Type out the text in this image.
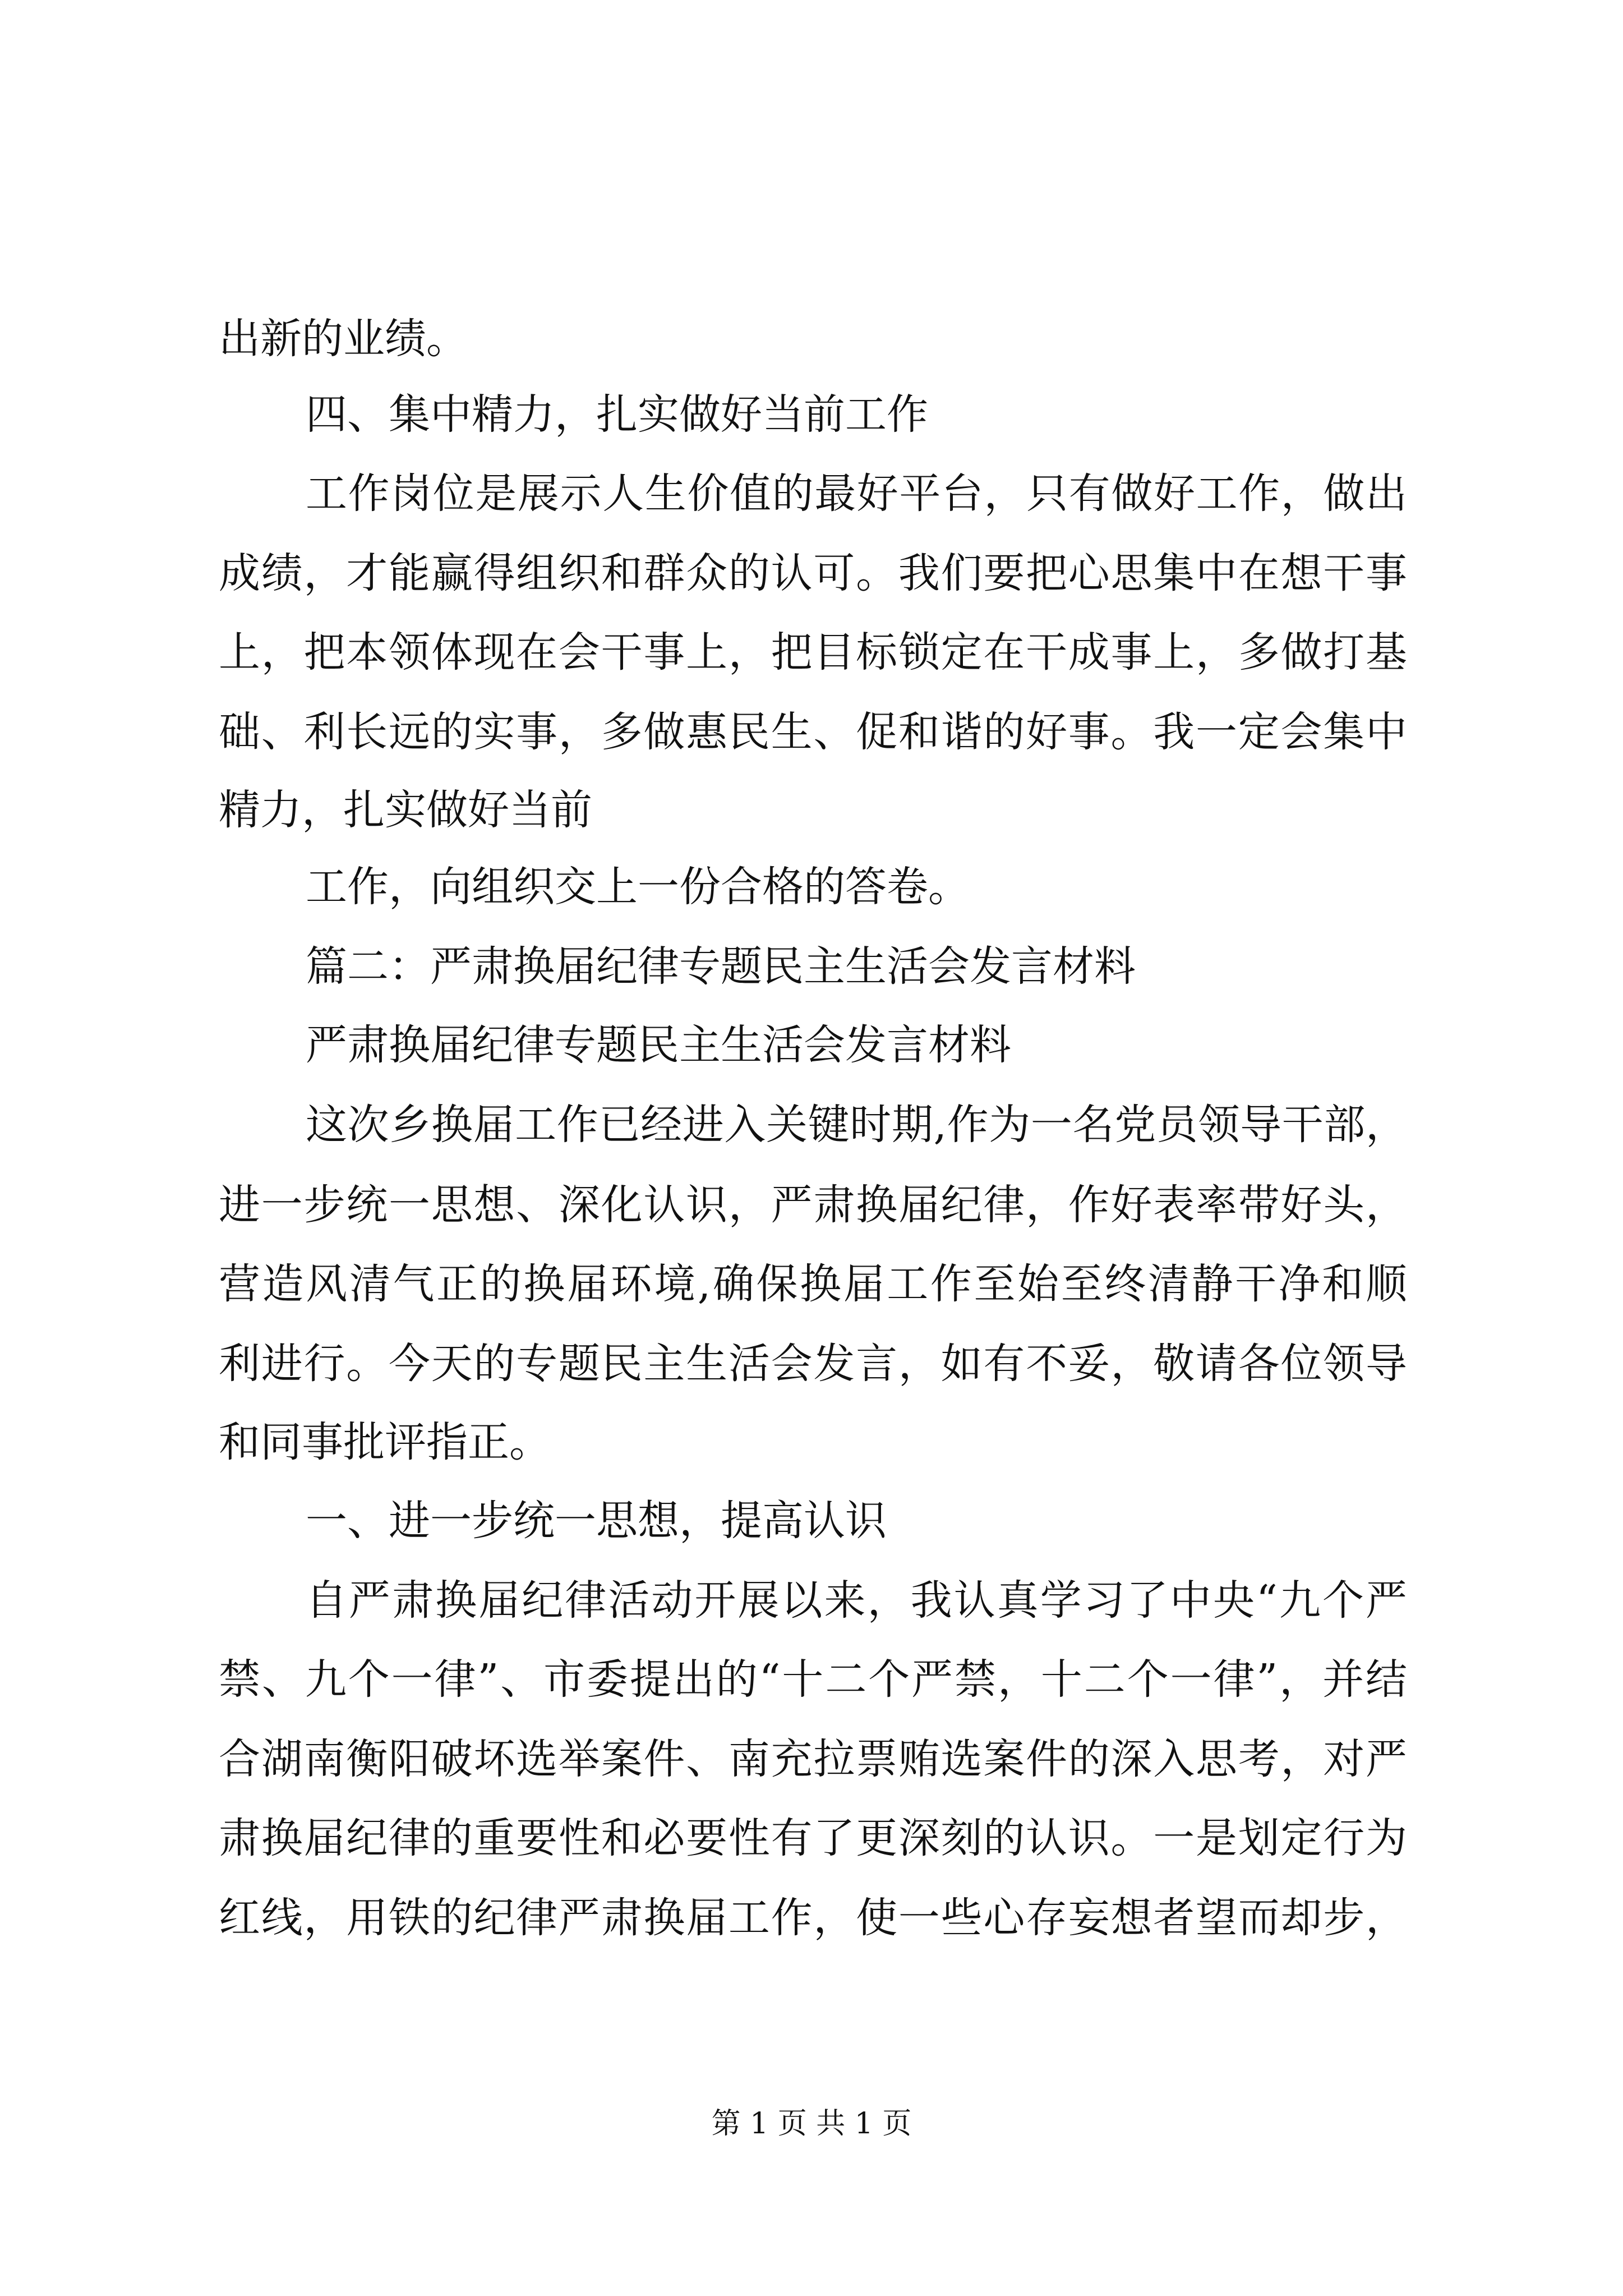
出新的业绩。
四、集中精力，扎实做好当前工作
工作岗位是展示人生价值的最好平台，只有做好工作，做出
成绩，才能赢得组织和群众的认可。我们要把心思集中在想干事
上，把本领体现在会干事上，把目标锁定在干成事上，多做打基
础、利长远的实事，多做惠民生、促和谐的好事。我一定会集中
精力，扎实做好当前
工作，向组织交上一份合格的答卷。
篇二：严肃换届纪律专题民主生活会发言材料
严肃换届纪律专题民主生活会发言材料
这次乡换届工作已经进入关键时期,作为一名党员领导干部，
进一步统一思想、深化认识，严肃换届纪律，作好表率带好头，
营造风清气正的换届环境,确保换届工作至始至终清静干净和顺
利进行。今天的专题民主生活会发言，如有不妥，敬请各位领导
和同事批评指正。
一、进一步统一思想，提高认识
自严肃换届纪律活动开展以来，我认真学习了中央“九个严
禁、九个一律”、市委提出的“十二个严禁，十二个一律”，并结
合湖南衡阳破坏选举案件、南充拉票贿选案件的深入思考，对严
肃换届纪律的重要性和必要性有了更深刻的认识。一是划定行为
红线，用铁的纪律严肃换届工作，使一些心存妄想者望而却步，
第 1 页 共 1 页
